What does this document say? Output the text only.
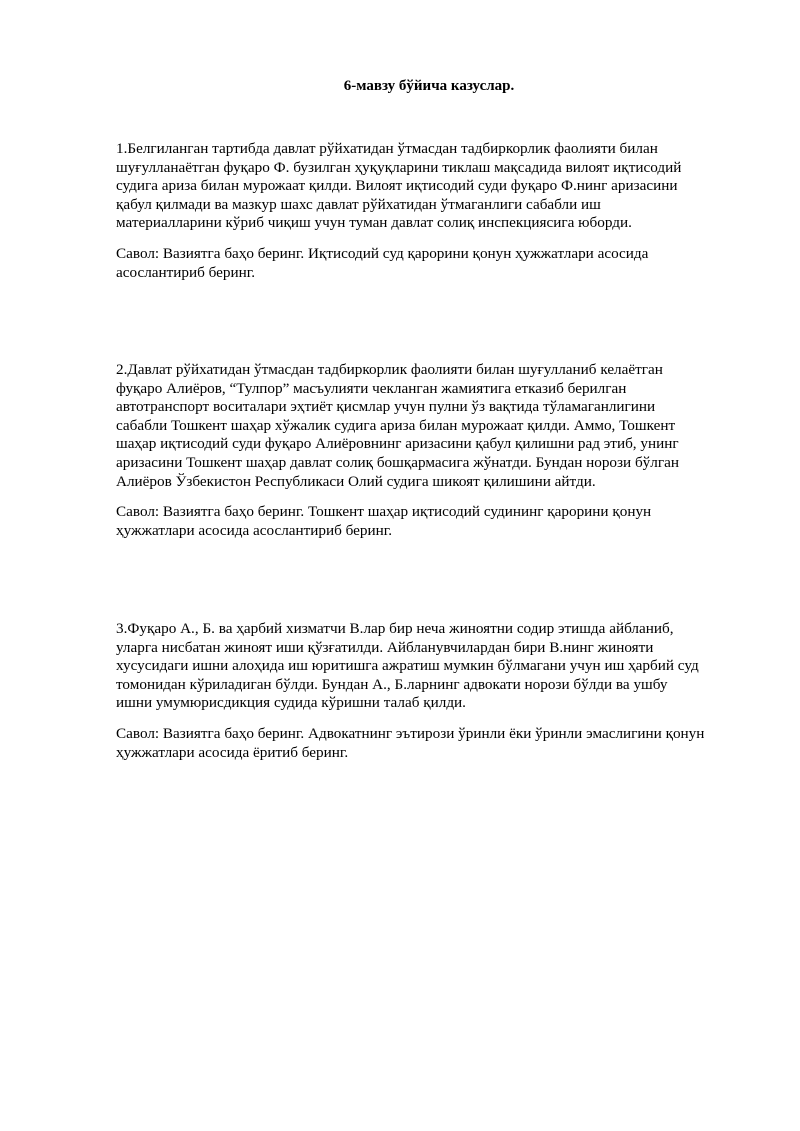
6-мавзу бўйича казуслар.

1.Белгиланган тартибда давлат рўйхатидан ўтмасдан тадбиркорлик фаолияти билан
шуғулланаётган фуқаро Ф. бузилган ҳуқуқларини тиклаш мақсадида вилоят иқтисодий
судига ариза билан мурожаат қилди. Вилоят иқтисодий суди фуқаро Ф.нинг аризасини
қабул қилмади ва мазкур шахс давлат рўйхатидан ўтмаганлиги сабабли иш
материалларини кўриб чиқиш учун туман давлат солиқ инспекциясига юборди.

Савол: Вазиятга баҳо беринг. Иқтисодий суд қарорини қонун ҳужжатлари асосида
асослантириб беринг.

2.Давлат рўйхатидан ўтмасдан тадбиркорлик фаолияти билан шуғулланиб келаётган
фуқаро Алиёров, “Тулпор” масъулияти чекланган жамиятига етказиб берилган
автотранспорт воситалари эҳтиёт қисмлар учун пулни ўз вақтида тўламаганлигини
сабабли Тошкент шаҳар хўжалик судига ариза билан мурожаат қилди. Аммо, Тошкент
шаҳар иқтисодий суди фуқаро Алиёровнинг аризасини қабул қилишни рад этиб, унинг
аризасини Тошкент шаҳар давлат солиқ бошқармасига жўнатди. Бундан норози бўлган
Алиёров Ўзбекистон Республикаси Олий судига шикоят қилишини айтди.

Савол: Вазиятга баҳо беринг. Тошкент шаҳар иқтисодий судининг қарорини қонун
ҳужжатлари асосида асослантириб беринг.

3.Фуқаро А., Б. ва ҳарбий хизматчи В.лар бир неча жиноятни содир этишда айбланиб,
уларга нисбатан жиноят иши қўзғатилди. Айбланувчилардан бири В.нинг жинояти
хусусидаги ишни алоҳида иш юритишга ажратиш мумкин бўлмагани учун иш ҳарбий суд
томонидан кўриладиган бўлди. Бундан А., Б.ларнинг адвокати норози бўлди ва ушбу
ишни умумюрисдикция судида кўришни талаб қилди.

Савол: Вазиятга баҳо беринг. Адвокатнинг эътирози ўринли ёки ўринли эмаслигини қонун
ҳужжатлари асосида ёритиб беринг.
